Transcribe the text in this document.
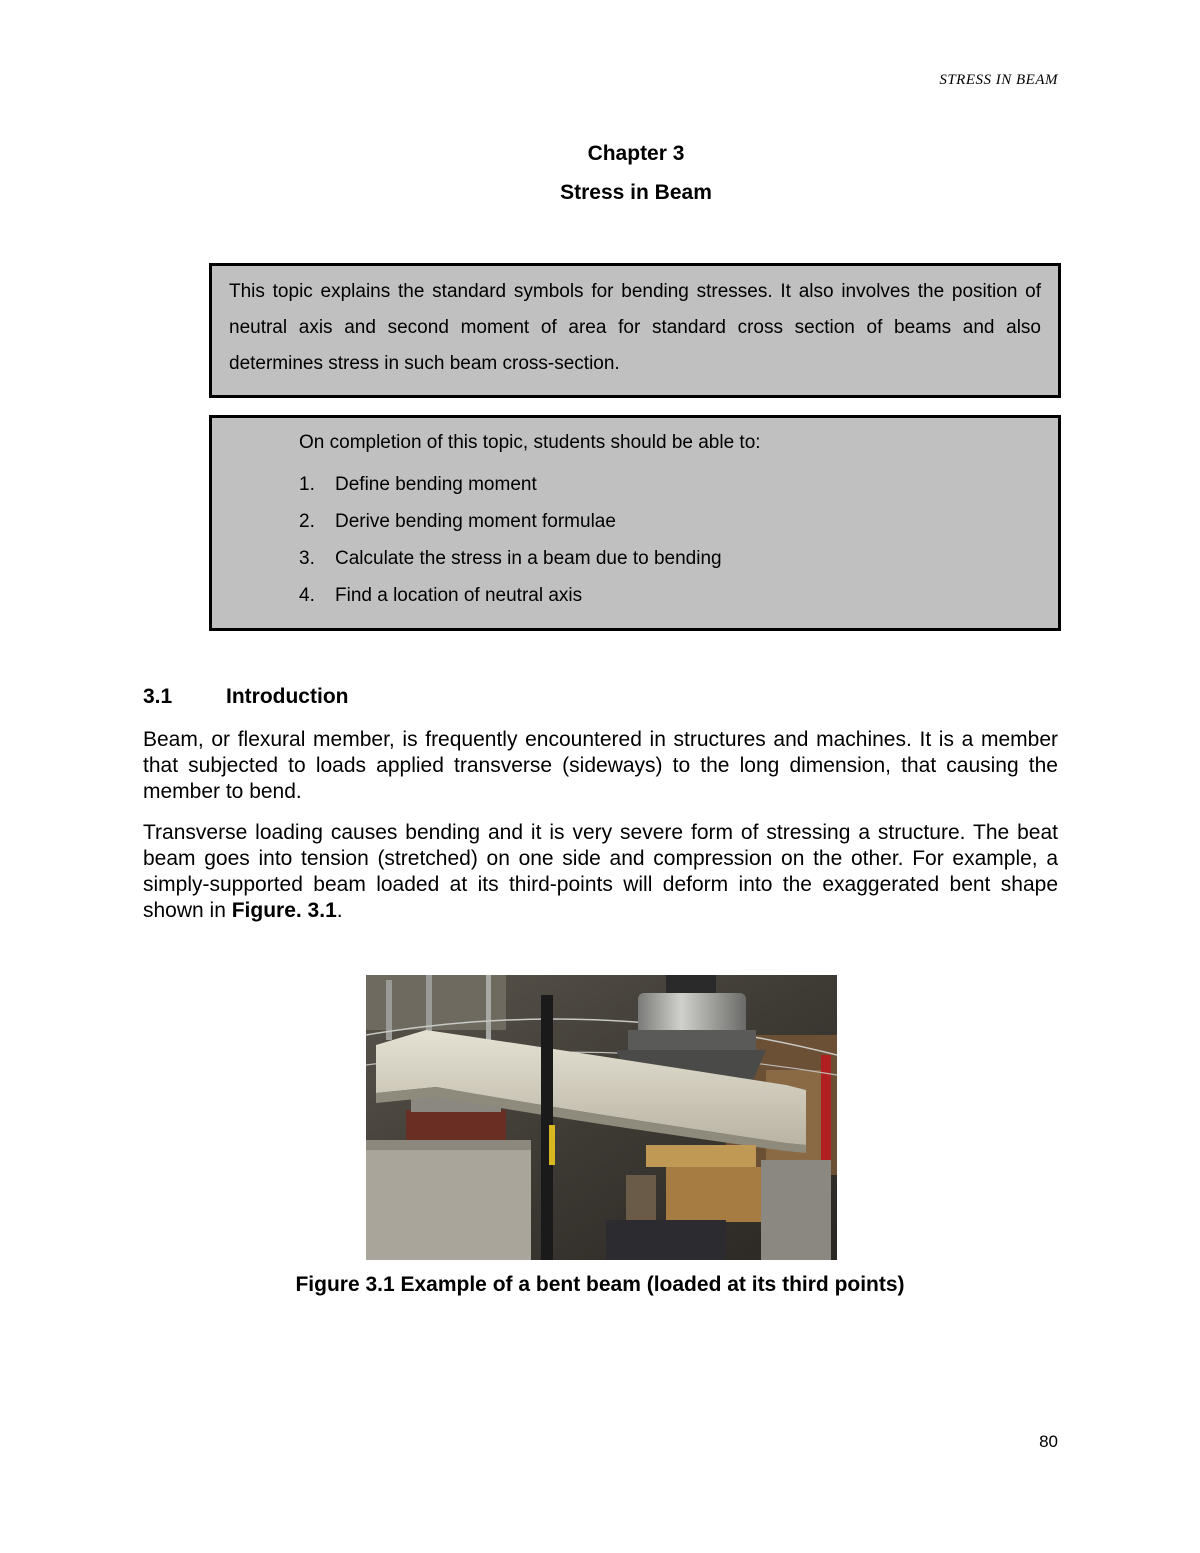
STRESS IN BEAM
Chapter 3
Stress in Beam
This topic explains the standard symbols for bending stresses. It also involves the position of neutral axis and second moment of area for standard cross section of beams and also determines stress in such beam cross-section.
On completion of this topic, students should be able to:
1.	Define bending moment
2.	Derive bending moment formulae
3.	Calculate the stress in a beam due to bending
4.	Find a location of neutral axis
3.1	Introduction

Beam, or flexural member, is frequently encountered in structures and machines. It is a member that subjected to loads applied transverse (sideways) to the long dimension, that causing the member to bend.

Transverse loading causes bending and it is very severe form of stressing a structure. The beat beam goes into tension (stretched) on one side and compression on the other. For example, a simply-supported beam loaded at its third-points will deform into the exaggerated bent shape shown in Figure. 3.1.

Figure 3.1 Example of a bent beam (loaded at its third points)
80
